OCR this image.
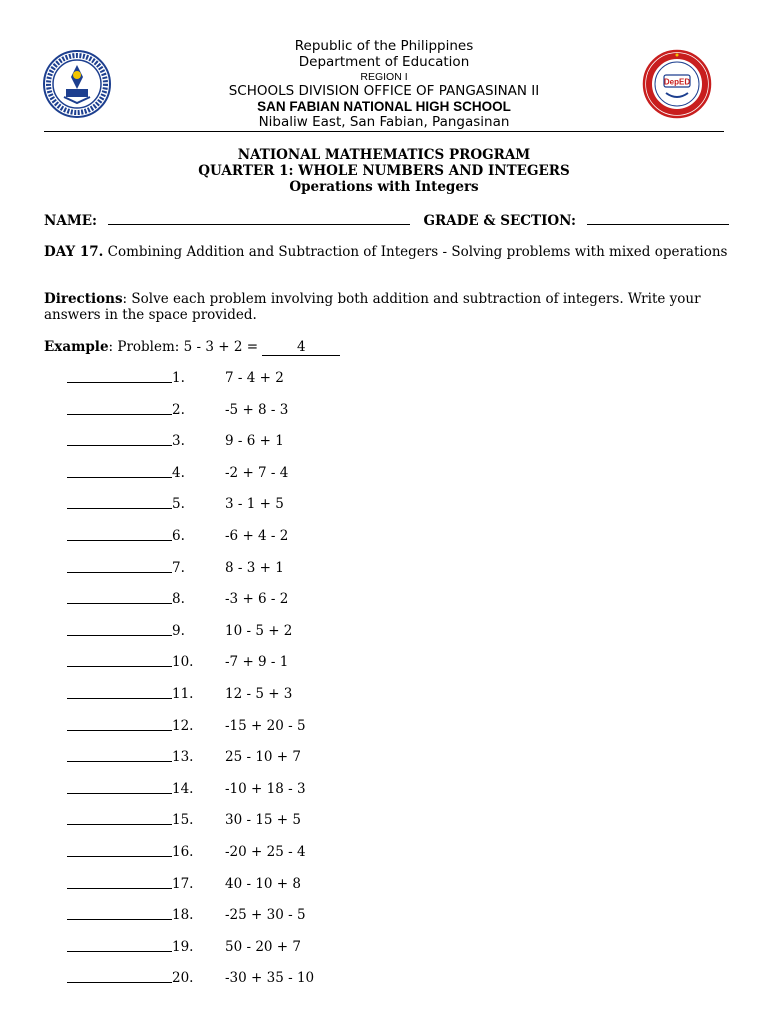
DepED
Republic of the Philippines
Department of Education
REGION I
SCHOOLS DIVISION OFFICE OF PANGASINAN II
SAN FABIAN NATIONAL HIGH SCHOOL
Nibaliw East, San Fabian, Pangasinan
NATIONAL MATHEMATICS PROGRAM
QUARTER 1: WHOLE NUMBERS AND INTEGERS
Operations with Integers
NAME:	GRADE & SECTION:
DAY 17. Combining Addition and Subtraction of Integers - Solving problems with mixed operations
Directions: Solve each problem involving both addition and subtraction of integers. Write your answers in the space provided.
Example: Problem: 5 - 3 + 2 =	4
1.	7 - 4 + 2
2.	-5 + 8 - 3
3.	9 - 6 + 1
4.	-2 + 7 - 4
5.	3 - 1 + 5
6.	-6 + 4 - 2
7.	8 - 3 + 1
8.	-3 + 6 - 2
9.	10 - 5 + 2
10. -7 + 9 - 1
11. 12 - 5 + 3
12. -15 + 20 - 5
13. 25 - 10 + 7
14. -10 + 18 - 3
15. 30 - 15 + 5
16. -20 + 25 - 4
17. 40 - 10 + 8
18. -25 + 30 - 5
19. 50 - 20 + 7
20. -30 + 35 - 10
